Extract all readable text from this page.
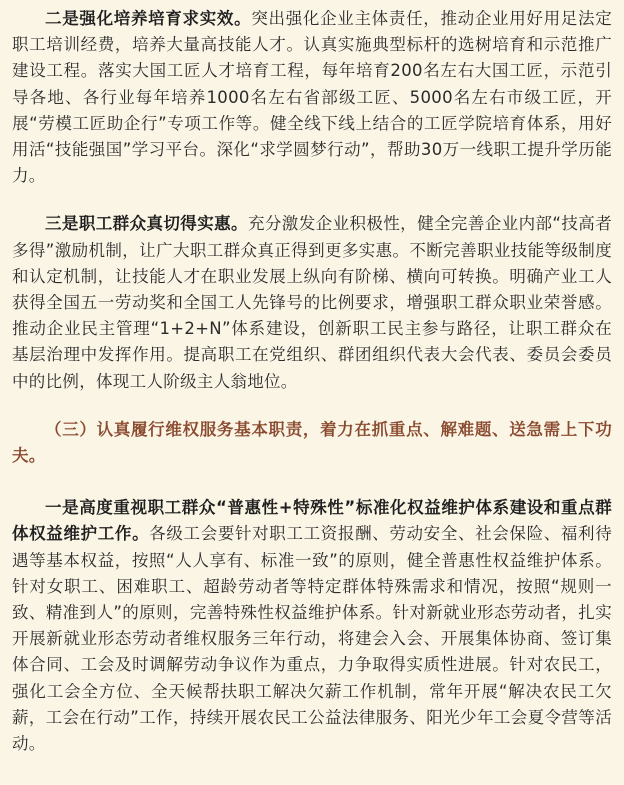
二是强化培养培育求实效。突出强化企业主体责任，推动企业用好用足法定职工培训经费，培养大量高技能人才。认真实施典型标杆的选树培育和示范推广建设工程。落实大国工匠人才培育工程，每年培育200名左右大国工匠，示范引导各地、各行业每年培养1000名左右省部级工匠、5000名左右市级工匠，开展“劳模工匠助企行”专项工作等。健全线下线上结合的工匠学院培育体系，用好用活“技能强国”学习平台。深化“求学圆梦行动”，帮助30万一线职工提升学历能力。

三是职工群众真切得实惠。充分激发企业积极性，健全完善企业内部“技高者多得”激励机制，让广大职工群众真正得到更多实惠。不断完善职业技能等级制度和认定机制，让技能人才在职业发展上纵向有阶梯、横向可转换。明确产业工人获得全国五一劳动奖和全国工人先锋号的比例要求，增强职工群众职业荣誉感。推动企业民主管理“1+2+N”体系建设，创新职工民主参与路径，让职工群众在基层治理中发挥作用。提高职工在党组织、群团组织代表大会代表、委员会委员中的比例，体现工人阶级主人翁地位。

（三）认真履行维权服务基本职责，着力在抓重点、解难题、送急需上下功夫。

一是高度重视职工群众“普惠性+特殊性”标准化权益维护体系建设和重点群体权益维护工作。各级工会要针对职工工资报酬、劳动安全、社会保险、福利待遇等基本权益，按照“人人享有、标准一致”的原则，健全普惠性权益维护体系。针对女职工、困难职工、超龄劳动者等特定群体特殊需求和情况，按照“规则一致、精准到人”的原则，完善特殊性权益维护体系。针对新就业形态劳动者，扎实开展新就业形态劳动者维权服务三年行动，将建会入会、开展集体协商、签订集体合同、工会及时调解劳动争议作为重点，力争取得实质性进展。针对农民工，强化工会全方位、全天候帮扶职工解决欠薪工作机制，常年开展“解决农民工欠薪，工会在行动”工作，持续开展农民工公益法律服务、阳光少年工会夏令营等活动。
